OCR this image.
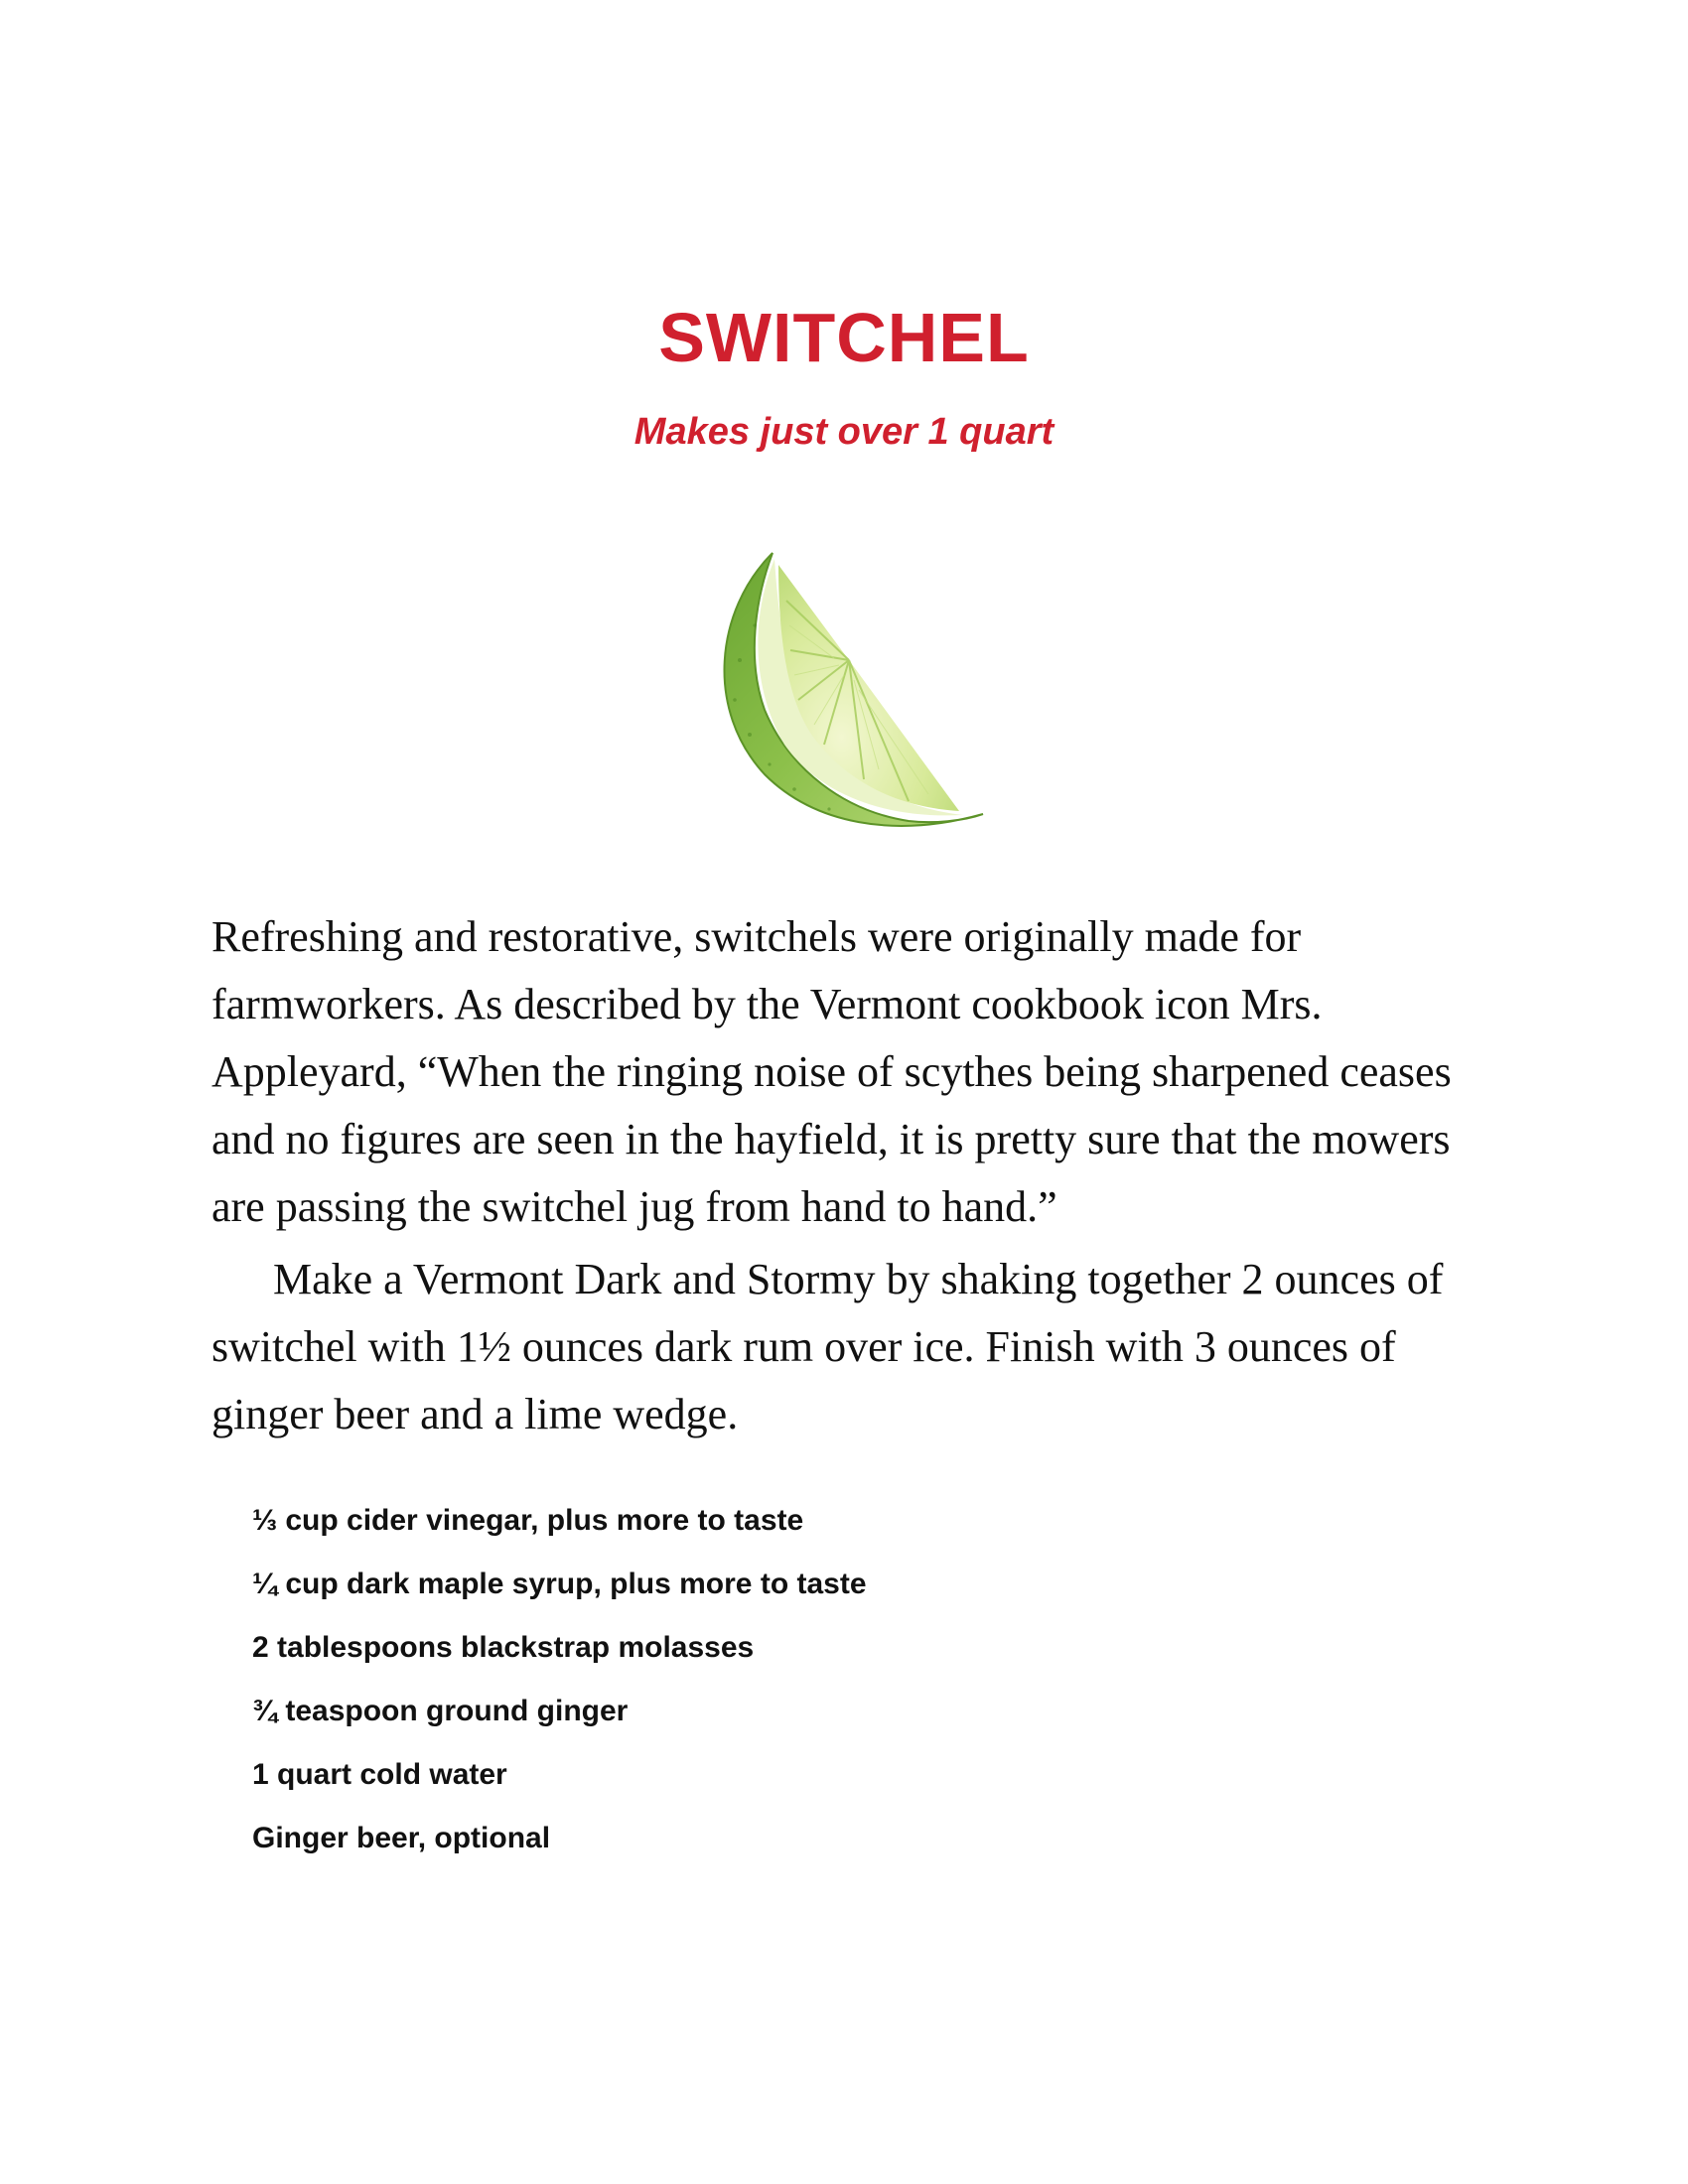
SWITCHEL
Makes just over 1 quart

Refreshing and restorative, switchels were originally made for farmworkers. As described by the Vermont cookbook icon Mrs. Appleyard, “When the ringing noise of scythes being sharpened ceases and no figures are seen in the hayfield, it is pretty sure that the mowers are passing the switchel jug from hand to hand.”

Make a Vermont Dark and Stormy by shaking together 2 ounces of switchel with 1½ ounces dark rum over ice. Finish with 3 ounces of ginger beer and a lime wedge.

⅓ cup cider vinegar, plus more to taste
¼ cup dark maple syrup, plus more to taste
2 tablespoons blackstrap molasses
¾ teaspoon ground ginger
1 quart cold water
Ginger beer, optional
